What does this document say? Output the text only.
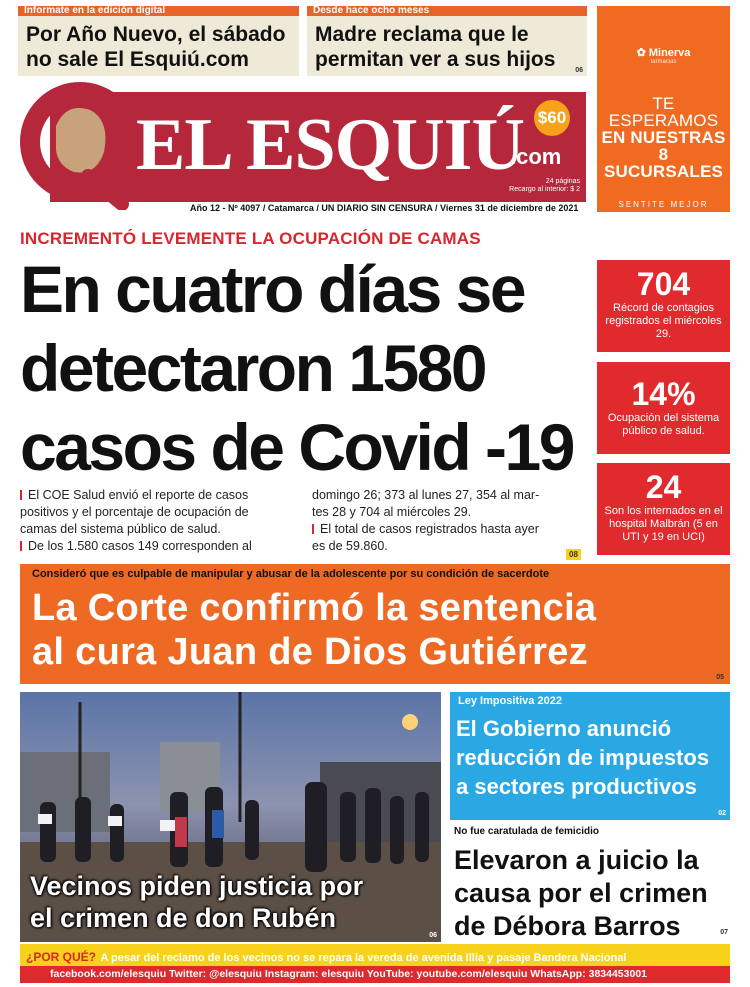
Informate en la edición digital
Por Año Nuevo, el sábado
no sale El Esquiú.com
Desde hace ocho meses
Madre reclama que le
permitan ver a sus hijos	06
✿ Minerva
farmacias
TE ESPERAMOS
EN NUESTRAS
8 SUCURSALES
SENTITE MEJOR
EL ESQUIÚ
.com
$60
24 páginas
Recargo al interior: $ 2
Año 12 - Nº 4097 / Catamarca / UN DIARIO SIN CENSURA / Viernes 31 de diciembre de 2021
INCREMENTÓ LEVEMENTE LA OCUPACIÓN DE CAMAS
En cuatro días se
detectaron 1580
casos de Covid -19

El COE Salud envió el reporte de casos

positivos y el porcentaje de ocupación de

camas del sistema público de salud.

De los 1.580 casos 149 corresponden al

domingo 26; 373 al lunes 27, 354 al mar-

tes 28 y 704 al miércoles 29.

El total de casos registrados hasta ayer

es de 59.860.

08
704
Récord de contagios registrados el miércoles 29.
14%
Ocupación del sistema público de salud.
24
Son los internados en el hospital Malbrán (5 en UTI y 19 en UCI)
Consideró que es culpable de manipular y abusar de la adolescente por su condición de sacerdote
La Corte confirmó la sentencia
al cura Juan de Dios Gutiérrez
05
Vecinos piden justicia por
el crimen de don Rubén
06
Ley Impositiva 2022
El Gobierno anunció
reducción de impuestos
a sectores productivos
02
No fue caratulada de femicidio
Elevaron a juicio la
causa por el crimen
de Débora Barros	07
¿POR QUÉ? A pesar del reclamo de los vecinos no se repara la vereda de avenida Illia y pasaje Bandera Nacional
facebook.com/elesquiu Twitter: @elesquiu Instagram: elesquiu YouTube: youtube.com/elesquiu WhatsApp: 3834453001
